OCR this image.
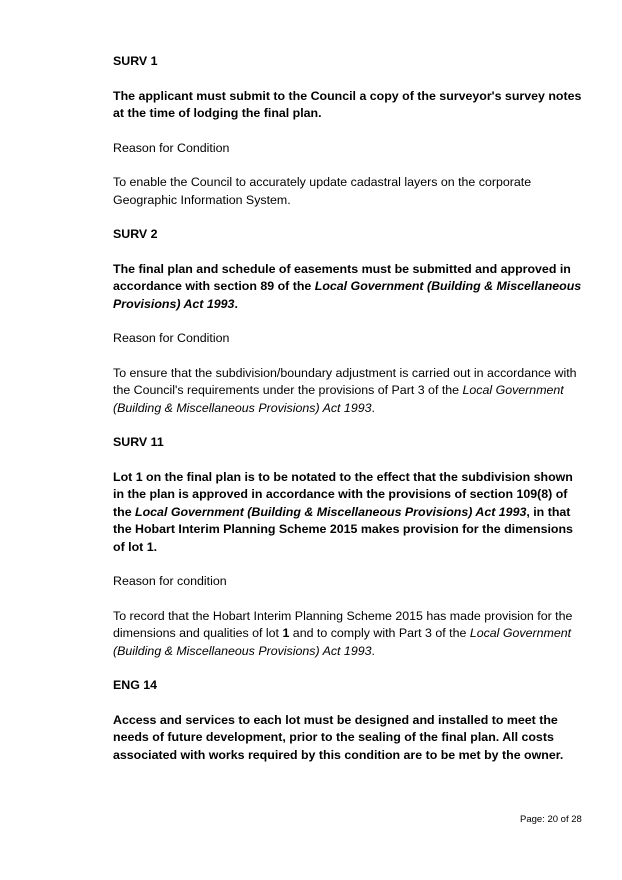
SURV 1

The applicant must submit to the Council a copy of the surveyor's survey notes at the time of lodging the final plan.

Reason for Condition

To enable the Council to accurately update cadastral layers on the corporate Geographic Information System.

SURV 2

The final plan and schedule of easements must be submitted and approved in accordance with section 89 of the Local Government (Building & Miscellaneous Provisions) Act 1993.

Reason for Condition

To ensure that the subdivision/boundary adjustment is carried out in accordance with the Council's requirements under the provisions of Part 3 of the Local Government (Building & Miscellaneous Provisions) Act 1993.

SURV 11

Lot 1 on the final plan is to be notated to the effect that the subdivision shown in the plan is approved in accordance with the provisions of section 109(8) of the Local Government (Building & Miscellaneous Provisions) Act 1993, in that the Hobart Interim Planning Scheme 2015 makes provision for the dimensions of lot 1.

Reason for condition

To record that the Hobart Interim Planning Scheme 2015 has made provision for the dimensions and qualities of lot 1 and to comply with Part 3 of the Local Government (Building & Miscellaneous Provisions) Act 1993.

ENG 14

Access and services to each lot must be designed and installed to meet the needs of future development, prior to the sealing of the final plan. All costs associated with works required by this condition are to be met by the owner.

Page: 20 of 28
